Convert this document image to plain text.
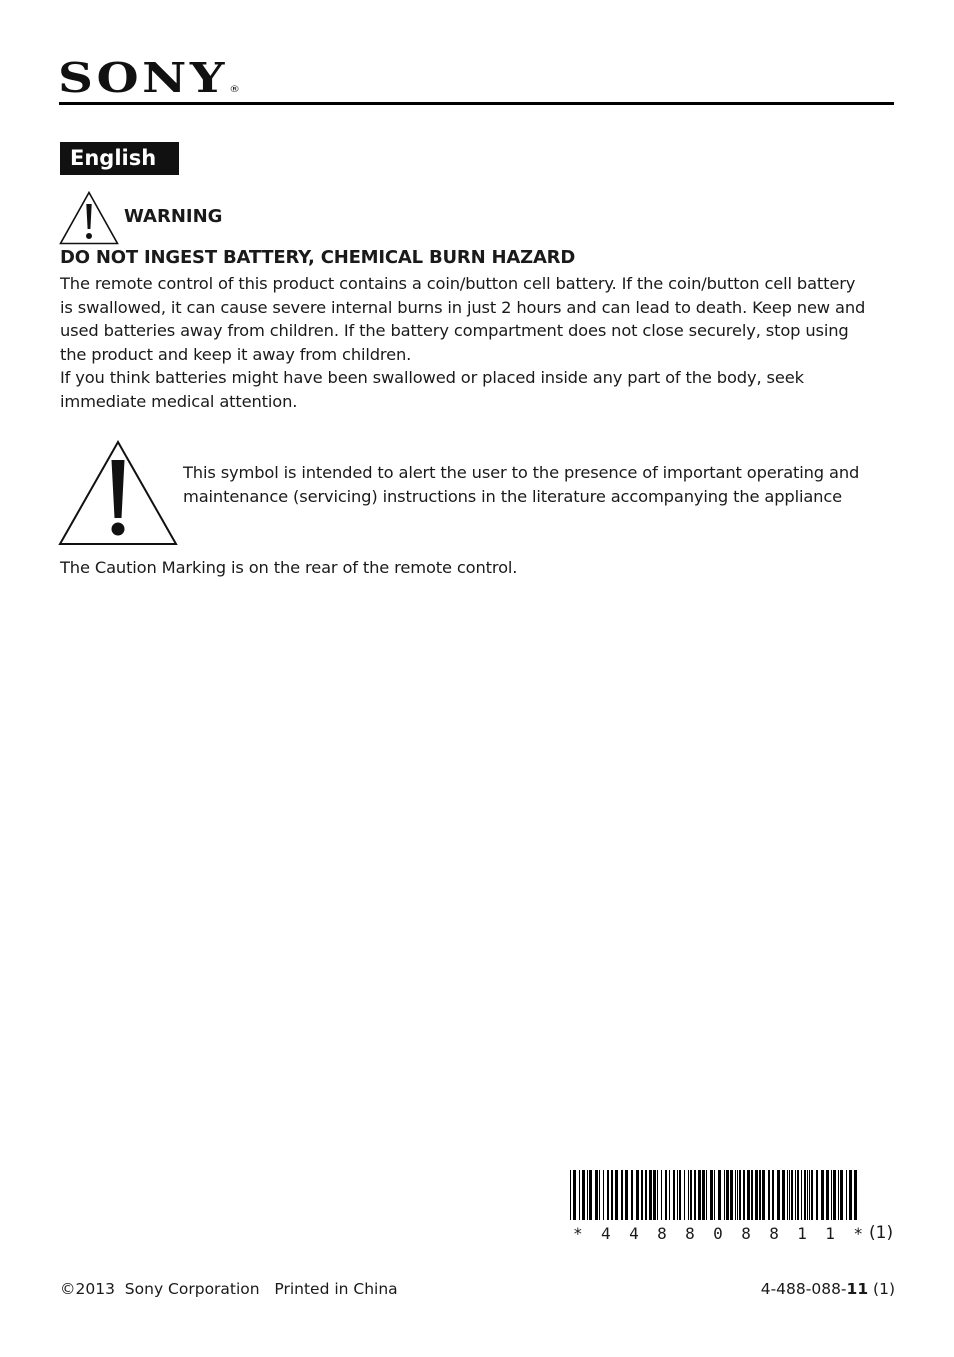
SONY®
English
WARNING
DO NOT INGEST BATTERY, CHEMICAL BURN HAZARD

The remote control of this product contains a coin/button cell battery. If the coin/button cell battery is swallowed, it can cause severe internal burns in just 2 hours and can lead to death. Keep new and used batteries away from children. If the battery compartment does not close securely, stop using the product and keep it away from children.

If you think batteries might have been swallowed or placed inside any part of the body, seek immediate medical attention.

This symbol is intended to alert the user to the presence of important operating and maintenance (servicing) instructions in the literature accompanying the appliance
The Caution Marking is on the rear of the remote control.
* 4 4 8 8 0 8 8 1 1 * (1)
©2013  Sony Corporation   Printed in China	4-488-088-11 (1)
